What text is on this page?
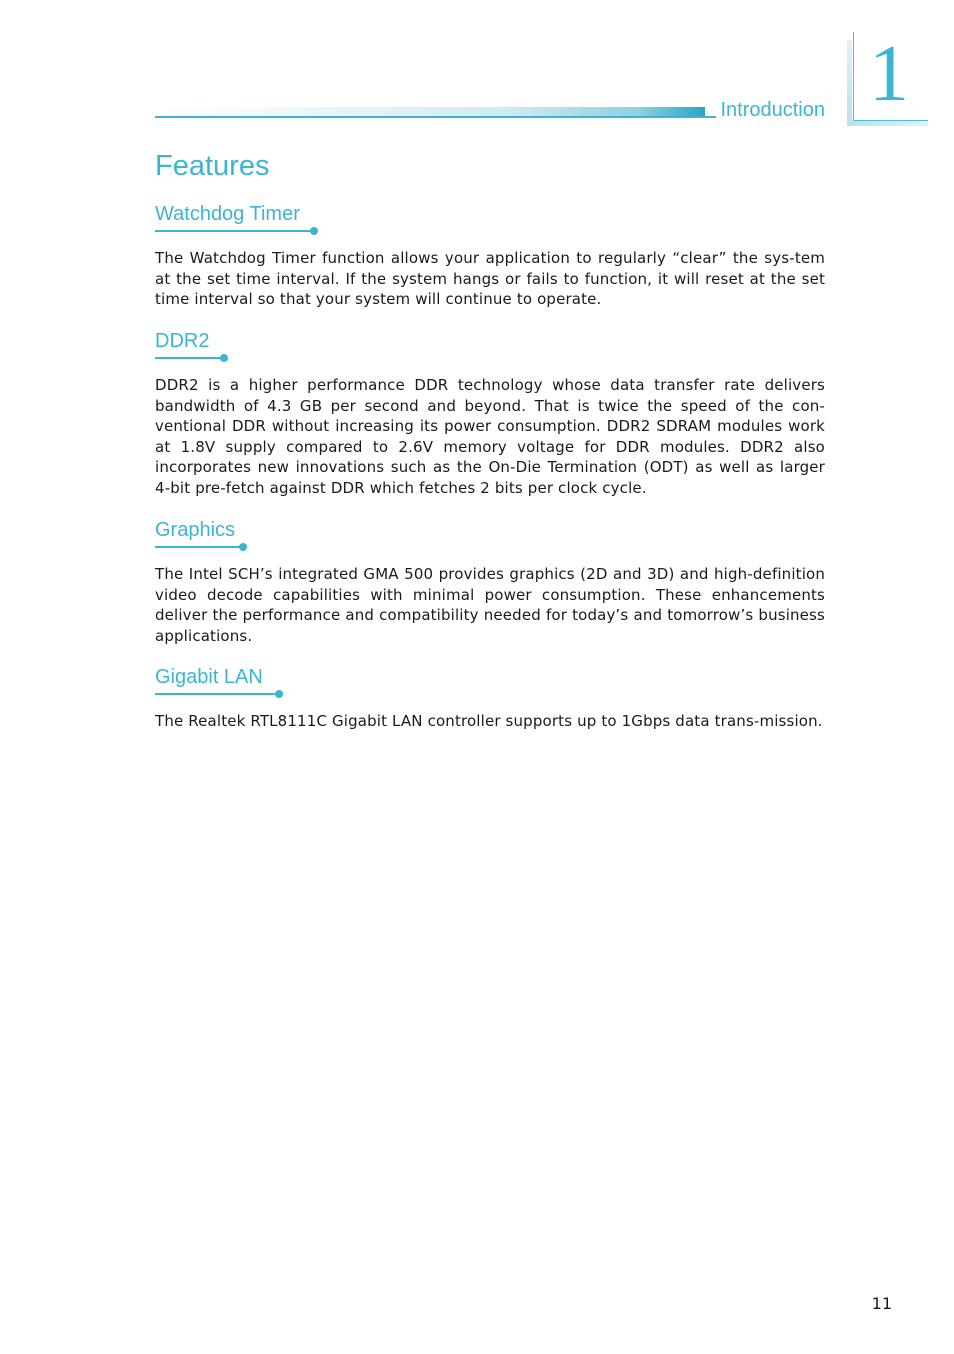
1
Introduction
Features
Watchdog Timer

The Watchdog Timer function allows your application to regularly “clear” the sys-tem at the set time interval. If the system hangs or fails to function, it will reset at the set time interval so that your system will continue to operate.

DDR2

DDR2 is a higher performance DDR technology whose data transfer rate delivers bandwidth of 4.3 GB per second and beyond. That is twice the speed of the con-ventional DDR without increasing its power consumption. DDR2 SDRAM modules work at 1.8V supply compared to 2.6V memory voltage for DDR modules. DDR2 also incorporates new innovations such as the On-Die Termination (ODT) as well as larger 4-bit pre-fetch against DDR which fetches 2 bits per clock cycle.

Graphics

The Intel SCH’s integrated GMA 500 provides graphics (2D and 3D) and high-definition video decode capabilities with minimal power consumption. These enhancements deliver the performance and compatibility needed for today’s and tomorrow’s business applications.

Gigabit LAN

The Realtek RTL8111C Gigabit LAN controller supports up to 1Gbps data trans-mission.

11
